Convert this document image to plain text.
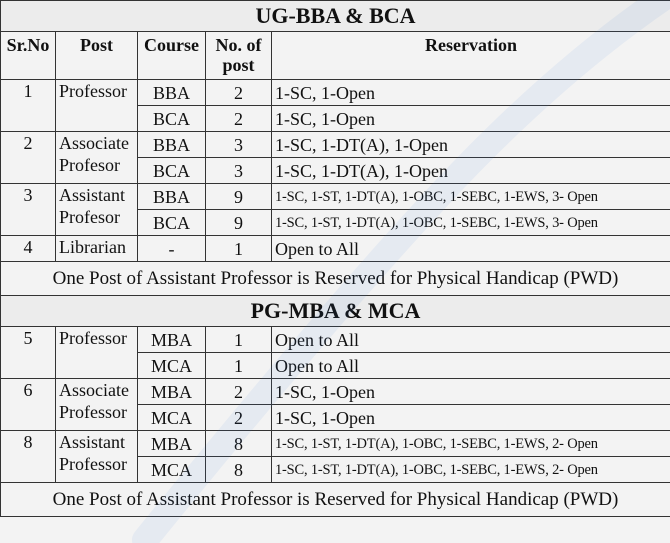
UG-BBA & BCA				
Sr.No	Post	Course	No. of post	Reservation
1	Professor	BBA	2	1-SC, 1-Open
		BCA	2	1-SC, 1-Open
2	Associate Profesor	BBA	3	1-SC, 1-DT(A), 1-Open
		BCA	3	1-SC, 1-DT(A), 1-Open
3	Assistant Profesor	BBA	9	1-SC, 1-ST, 1-DT(A), 1-OBC, 1-SEBC, 1-EWS, 3- Open
		BCA	9	1-SC, 1-ST, 1-DT(A), 1-OBC, 1-SEBC, 1-EWS, 3- Open
4	Librarian	-	1	Open to All
One Post of Assistant Professor is Reserved for Physical Handicap (PWD)				
PG-MBA & MCA				
5	Professor	MBA	1	Open to All
		MCA	1	Open to All
6	Associate Professor	MBA	2	1-SC, 1-Open
		MCA	2	1-SC, 1-Open
8	Assistant Professor	MBA	8	1-SC, 1-ST, 1-DT(A), 1-OBC, 1-SEBC, 1-EWS, 2- Open
		MCA	8	1-SC, 1-ST, 1-DT(A), 1-OBC, 1-SEBC, 1-EWS, 2- Open
One Post of Assistant Professor is Reserved for Physical Handicap (PWD)				
